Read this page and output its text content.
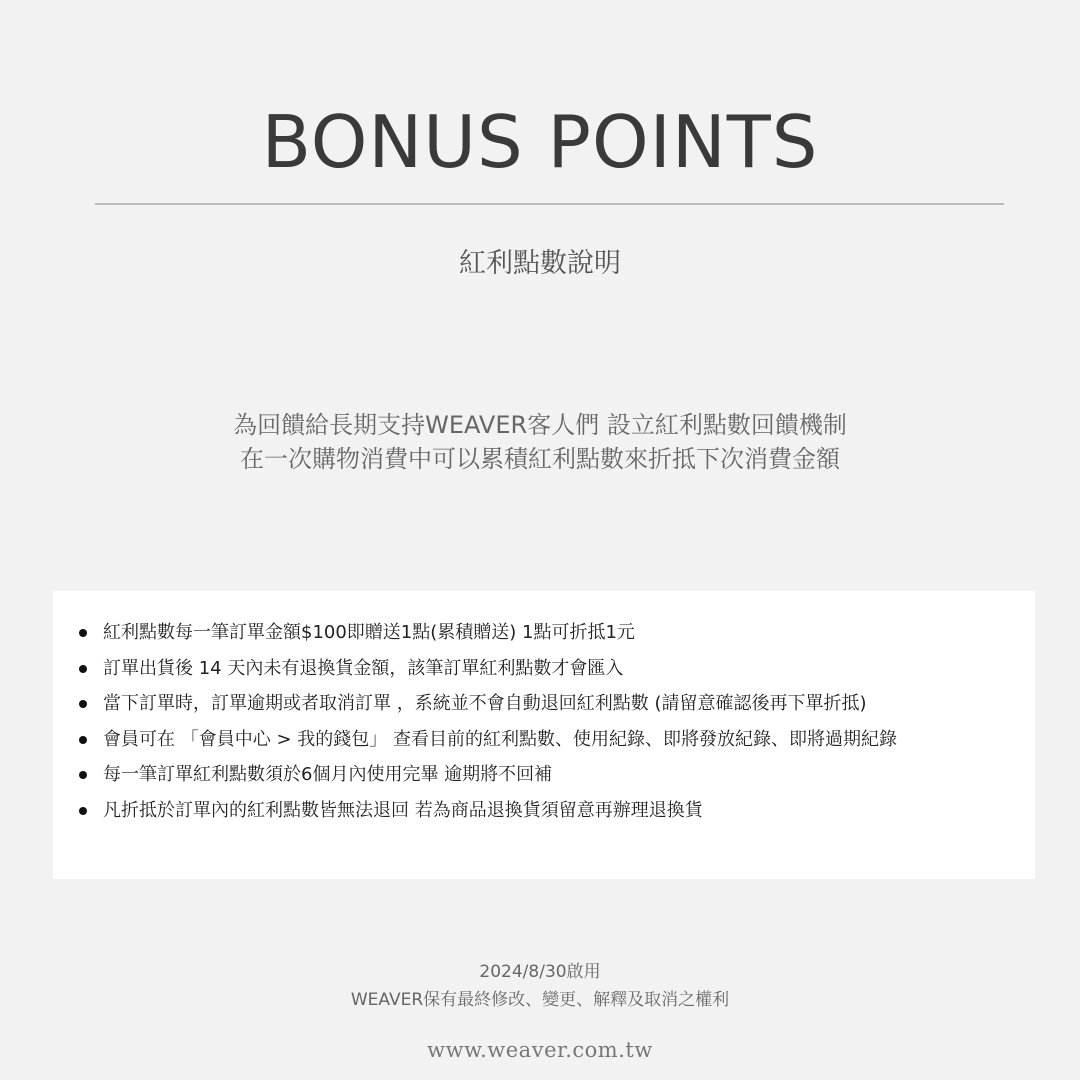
BONUS POINTS
紅利點數說明
為回饋給長期支持WEAVER客人們 設立紅利點數回饋機制
在一次購物消費中可以累積紅利點數來折抵下次消費金額
紅利點數每一筆訂單金額$100即贈送1點(累積贈送) 1點可折抵1元
訂單出貨後 14 天內未有退換貨金額，該筆訂單紅利點數才會匯入
當下訂單時，訂單逾期或者取消訂單 ，系統並不會自動退回紅利點數 (請留意確認後再下單折抵)
會員可在 「會員中心 > 我的錢包」 查看目前的紅利點數、使用紀錄、即將發放紀錄、即將過期紀錄
每一筆訂單紅利點數須於6個月內使用完畢 逾期將不回補
凡折抵於訂單內的紅利點數皆無法退回 若為商品退換貨須留意再辦理退換貨
2024/8/30啟用
WEAVER保有最終修改、變更、解釋及取消之權利
www.weaver.com.tw
